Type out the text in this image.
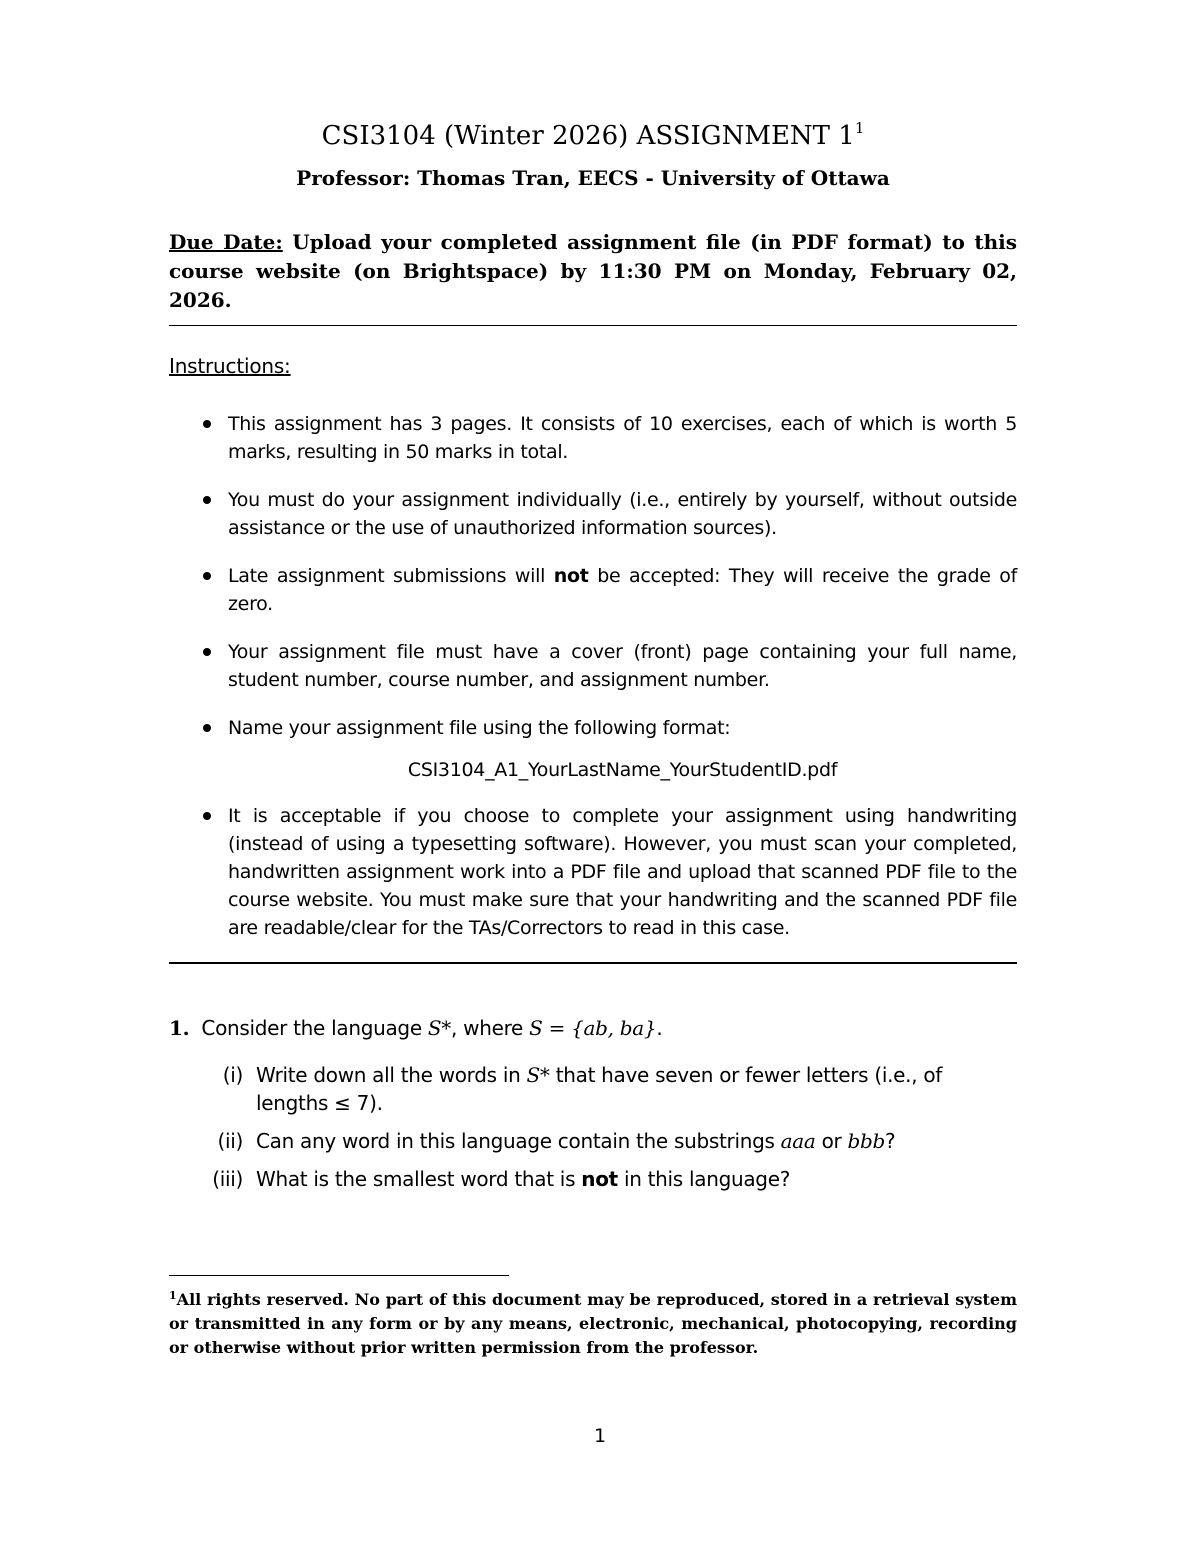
CSI3104 (Winter 2026) ASSIGNMENT $1^1$
Professor: Thomas Tran, EECS - University of Ottawa
Due Date: Upload your completed assignment file (in PDF format) to this course website (on Brightspace) by 11:30 PM on Monday, February 02, 2026.
Instructions:
This assignment has 3 pages. It consists of 10 exercises, each of which is worth 5 marks, resulting in 50 marks in total.
You must do your assignment individually (i.e., entirely by yourself, without outside assistance or the use of unauthorized information sources).
Late assignment submissions will not be accepted: They will receive the grade of zero.
Your assignment file must have a cover (front) page containing your full name, student number, course number, and assignment number.
Name your assignment file using the following format:
CSI3104_A1_YourLastName_YourStudentID.pdf
It is acceptable if you choose to complete your assignment using handwriting (instead of using a typesetting software). However, you must scan your completed, handwritten assignment work into a PDF file and upload that scanned PDF file to the course website. You must make sure that your handwriting and the scanned PDF file are readable/clear for the TAs/Correctors to read in this case.
1. Consider the language S*, where S = {ab, ba}.
(i) Write down all the words in S* that have seven or fewer letters (i.e., of lengths ≤ 7).
(ii) Can any word in this language contain the substrings aaa or bbb?
(iii) What is the smallest word that is not in this language?
$^1$All rights reserved. No part of this document may be reproduced, stored in a retrieval system or transmitted in any form or by any means, electronic, mechanical, photocopying, recording or otherwise without prior written permission from the professor.
1
